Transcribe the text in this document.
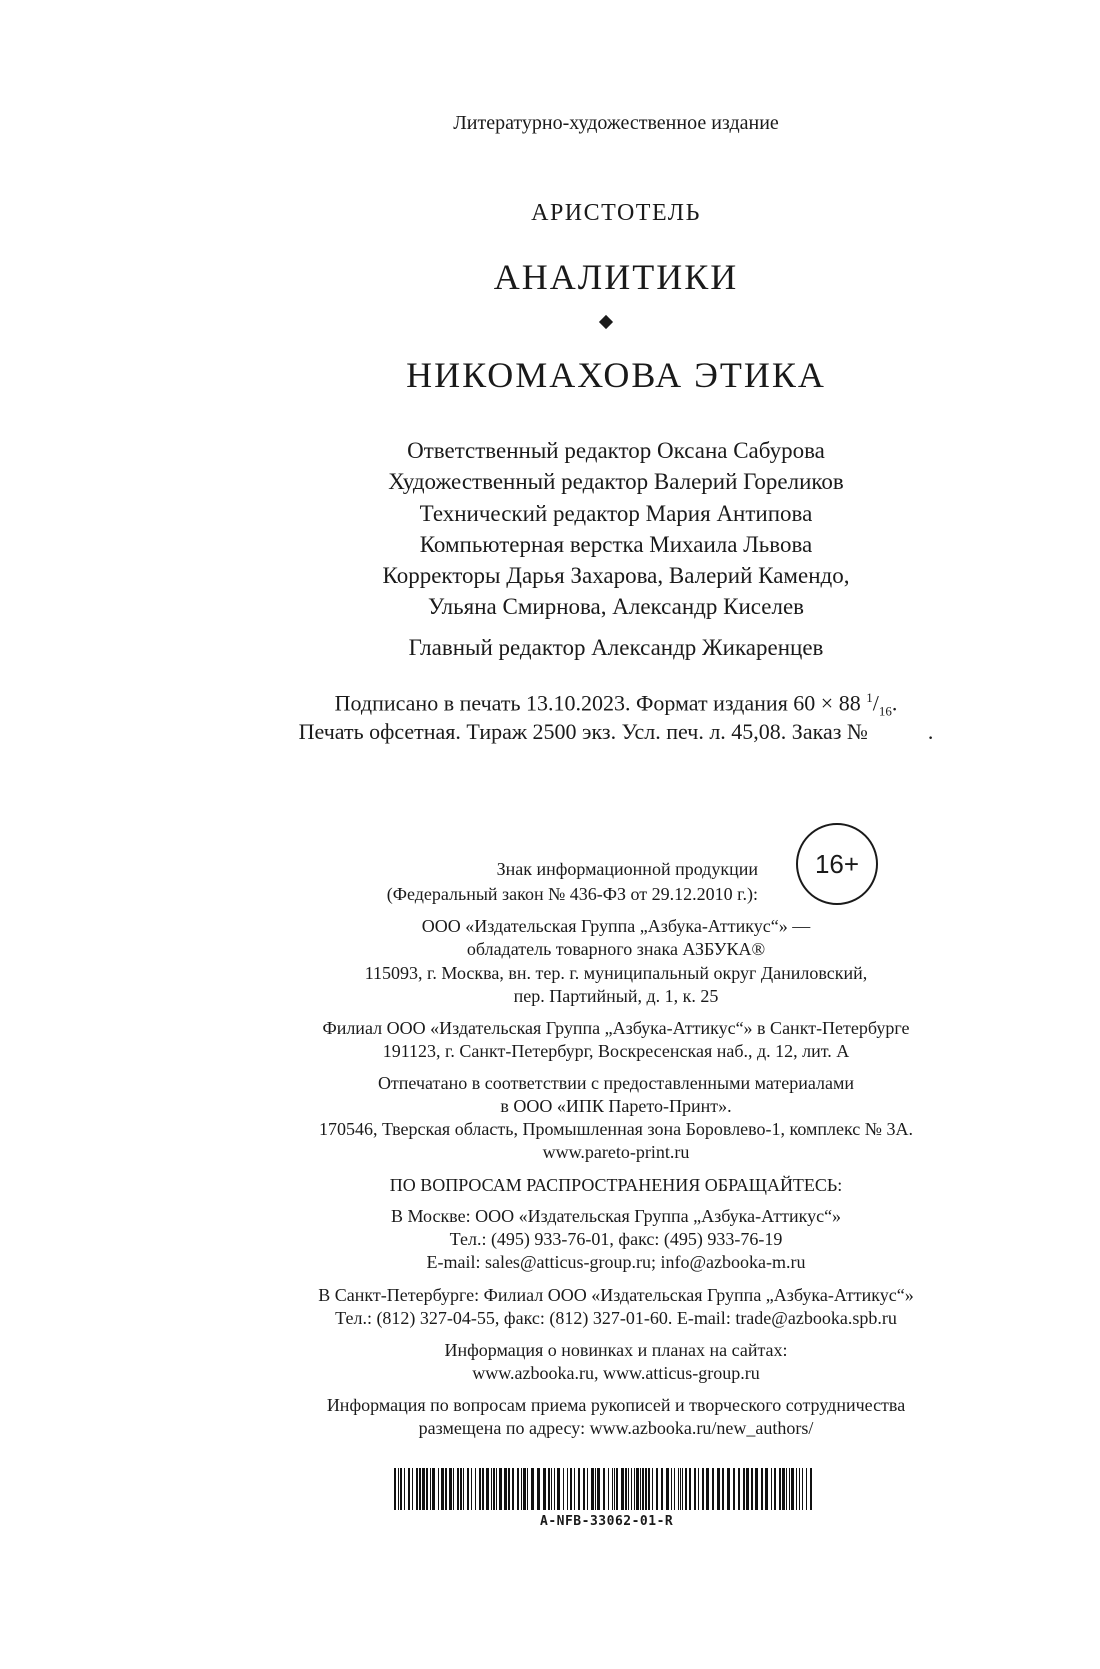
Литературно-художественное издание
АРИСТОТЕЛЬ
АНАЛИТИКИ
НИКОМАХОВА ЭТИКА
Ответственный редактор Оксана Сабурова
Художественный редактор Валерий Гореликов
Технический редактор Мария Антипова
Компьютерная верстка Михаила Львова
Корректоры Дарья Захарова, Валерий Камендо,
Ульяна Смирнова, Александр Киселев
Главный редактор Александр Жикаренцев
Подписано в печать 13.10.2023. Формат издания 60 × 88 $^1/_{16}$.
Печать офсетная. Тираж 2500 экз. Усл. печ. л. 45,08. Заказ №	.
Знак информационной продукции
(Федеральный закон № 436-ФЗ от 29.12.2010 г.):
16+
ООО «Издательская Группа „Азбука-Аттикус“» —
обладатель товарного знака АЗБУКА®
115093, г. Москва, вн. тер. г. муниципальный округ Даниловский,
пер. Партийный, д. 1, к. 25
Филиал ООО «Издательская Группа „Азбука-Аттикус“» в Санкт-Петербурге
191123, г. Санкт-Петербург, Воскресенская наб., д. 12, лит. А
Отпечатано в соответствии с предоставленными материалами
в ООО «ИПК Парето-Принт».
170546, Тверская область, Промышленная зона Боровлево-1, комплекс № 3А.
www.pareto-print.ru
ПО ВОПРОСАМ РАСПРОСТРАНЕНИЯ ОБРАЩАЙТЕСЬ:
В Москве: ООО «Издательская Группа „Азбука-Аттикус“»
Тел.: (495) 933-76-01, факс: (495) 933-76-19
E-mail: sales@atticus-group.ru; info@azbooka-m.ru
В Санкт-Петербурге: Филиал ООО «Издательская Группа „Азбука-Аттикус“»
Тел.: (812) 327-04-55, факс: (812) 327-01-60. E-mail: trade@azbooka.spb.ru
Информация о новинках и планах на сайтах:
www.azbooka.ru, www.atticus-group.ru
Информация по вопросам приема рукописей и творческого сотрудничества
размещена по адресу: www.azbooka.ru/new_authors/
A-NFB-33062-01-R
